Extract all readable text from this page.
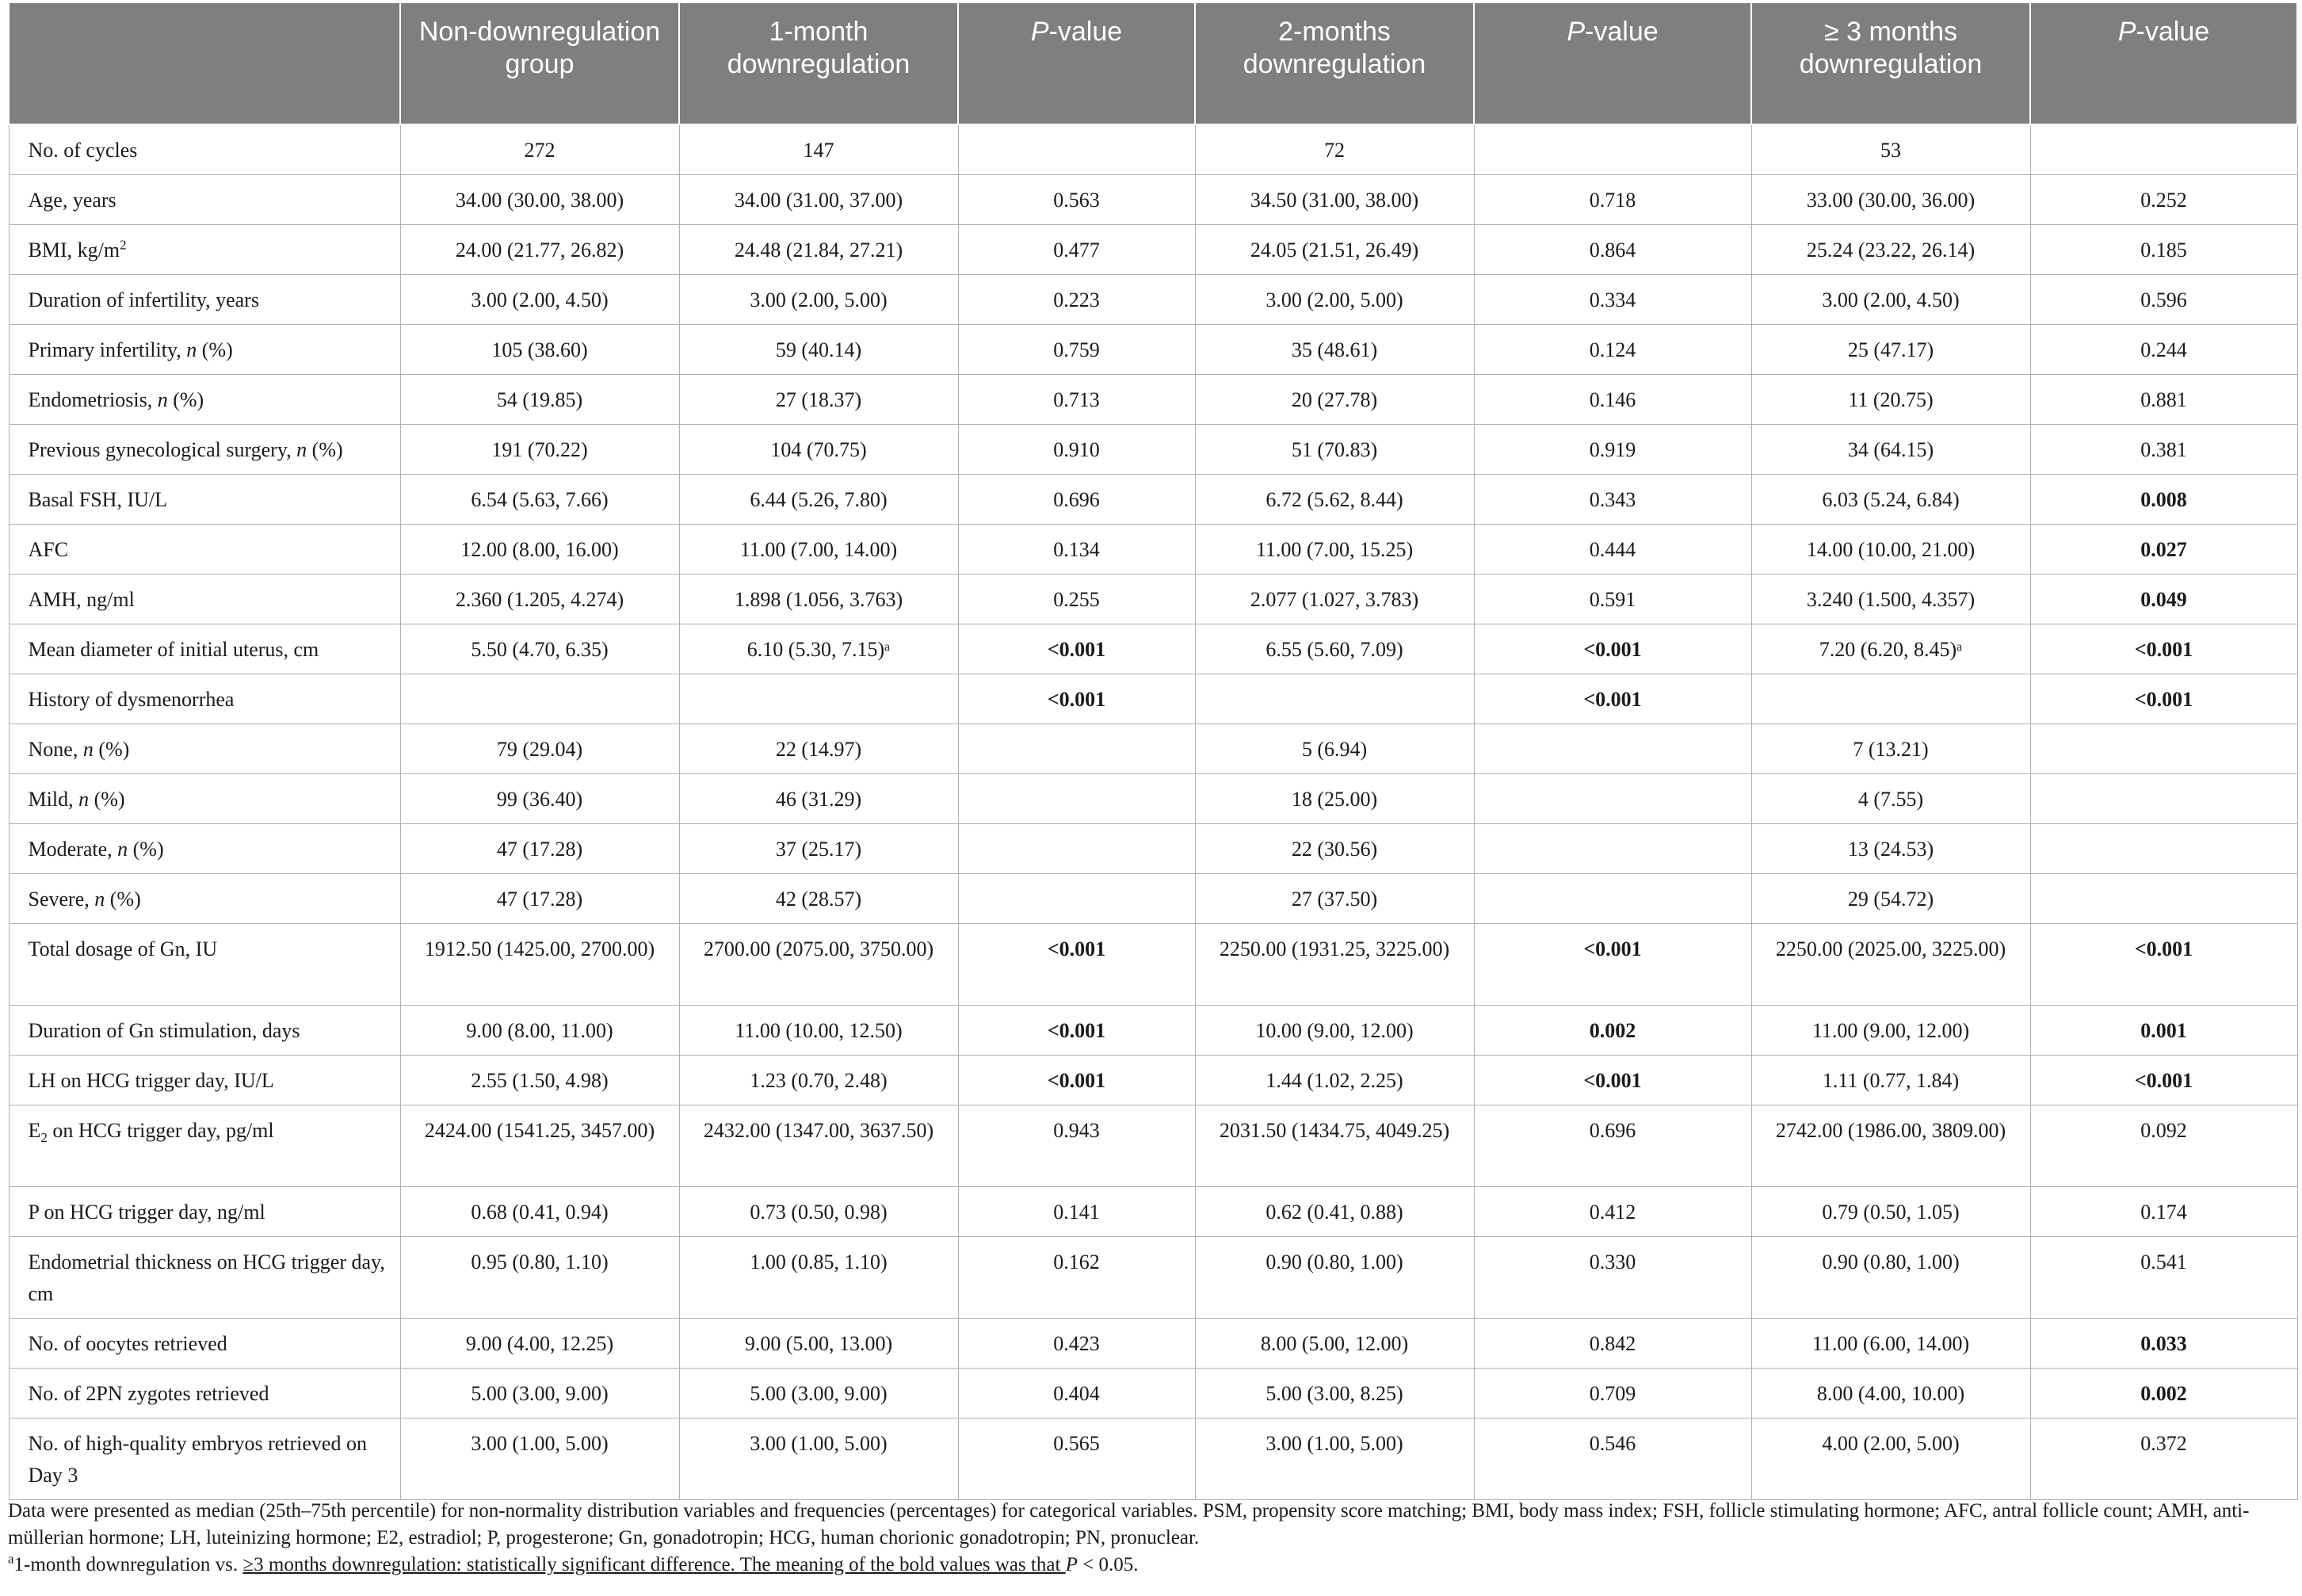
	Non-downregulation group	1-month downregulation	P-value	2-months downregulation	P-value	≥ 3 months downregulation	P-value
No. of cycles	272	147		72		53	
Age, years	34.00 (30.00, 38.00)	34.00 (31.00, 37.00)	0.563	34.50 (31.00, 38.00)	0.718	33.00 (30.00, 36.00)	0.252
BMI, $kg/m^2$	24.00 (21.77, 26.82)	24.48 (21.84, 27.21)	0.477	24.05 (21.51, 26.49)	0.864	25.24 (23.22, 26.14)	0.185
Duration of infertility, years	3.00 (2.00, 4.50)	3.00 (2.00, 5.00)	0.223	3.00 (2.00, 5.00)	0.334	3.00 (2.00, 4.50)	0.596
Primary infertility, n (%)	105 (38.60)	59 (40.14)	0.759	35 (48.61)	0.124	25 (47.17)	0.244
Endometriosis, n (%)	54 (19.85)	27 (18.37)	0.713	20 (27.78)	0.146	11 (20.75)	0.881
Previous gynecological surgery, n (%)	191 (70.22)	104 (70.75)	0.910	51 (70.83)	0.919	34 (64.15)	0.381
Basal FSH, IU/L	6.54 (5.63, 7.66)	6.44 (5.26, 7.80)	0.696	6.72 (5.62, 8.44)	0.343	6.03 (5.24, 6.84)	0.008
AFC	12.00 (8.00, 16.00)	11.00 (7.00, 14.00)	0.134	11.00 (7.00, 15.25)	0.444	14.00 (10.00, 21.00)	0.027
AMH, ng/ml	2.360 (1.205, 4.274)	1.898 (1.056, 3.763)	0.255	2.077 (1.027, 3.783)	0.591	3.240 (1.500, 4.357)	0.049
Mean diameter of initial uterus, cm	5.50 (4.70, 6.35)	6.10 (5.30, 7.15)ᵃ	<0.001	6.55 (5.60, 7.09)	<0.001	7.20 (6.20, 8.45)ᵃ	<0.001
History of dysmenorrhea			<0.001		<0.001		<0.001
None, n (%)	79 (29.04)	22 (14.97)		5 (6.94)		7 (13.21)	
Mild, n (%)	99 (36.40)	46 (31.29)		18 (25.00)		4 (7.55)	
Moderate, n (%)	47 (17.28)	37 (25.17)		22 (30.56)		13 (24.53)	
Severe, n (%)	47 (17.28)	42 (28.57)		27 (37.50)		29 (54.72)	
Total dosage of Gn, IU	1912.50 (1425.00, 2700.00)	2700.00 (2075.00, 3750.00)	<0.001	2250.00 (1931.25, 3225.00)	<0.001	2250.00 (2025.00, 3225.00)	<0.001
Duration of Gn stimulation, days	9.00 (8.00, 11.00)	11.00 (10.00, 12.50)	<0.001	10.00 (9.00, 12.00)	0.002	11.00 (9.00, 12.00)	0.001
LH on HCG trigger day, IU/L	2.55 (1.50, 4.98)	1.23 (0.70, 2.48)	<0.001	1.44 (1.02, 2.25)	<0.001	1.11 (0.77, 1.84)	<0.001
$E_2$ on HCG trigger day, pg/ml	2424.00 (1541.25, 3457.00)	2432.00 (1347.00, 3637.50)	0.943	2031.50 (1434.75, 4049.25)	0.696	2742.00 (1986.00, 3809.00)	0.092
P on HCG trigger day, ng/ml	0.68 (0.41, 0.94)	0.73 (0.50, 0.98)	0.141	0.62 (0.41, 0.88)	0.412	0.79 (0.50, 1.05)	0.174
Endometrial thickness on HCG trigger day, cm	0.95 (0.80, 1.10)	1.00 (0.85, 1.10)	0.162	0.90 (0.80, 1.00)	0.330	0.90 (0.80, 1.00)	0.541
No. of oocytes retrieved	9.00 (4.00, 12.25)	9.00 (5.00, 13.00)	0.423	8.00 (5.00, 12.00)	0.842	11.00 (6.00, 14.00)	0.033
No. of 2PN zygotes retrieved	5.00 (3.00, 9.00)	5.00 (3.00, 9.00)	0.404	5.00 (3.00, 8.25)	0.709	8.00 (4.00, 10.00)	0.002
No. of high-quality embryos retrieved on Day 3	3.00 (1.00, 5.00)	3.00 (1.00, 5.00)	0.565	3.00 (1.00, 5.00)	0.546	4.00 (2.00, 5.00)	0.372

Data were presented as median (25th–75th percentile) for non-normality distribution variables and frequencies (percentages) for categorical variables. PSM, propensity score matching; BMI, body mass index; FSH, follicle stimulating hormone; AFC, antral follicle count; AMH, anti-müllerian hormone; LH, luteinizing hormone; E2, estradiol; P, progesterone; Gn, gonadotropin; HCG, human chorionic gonadotropin; PN, pronuclear.

$^a$1-month downregulation vs. ≥3 months downregulation: statistically significant difference. The meaning of the bold values was that P < 0.05.
